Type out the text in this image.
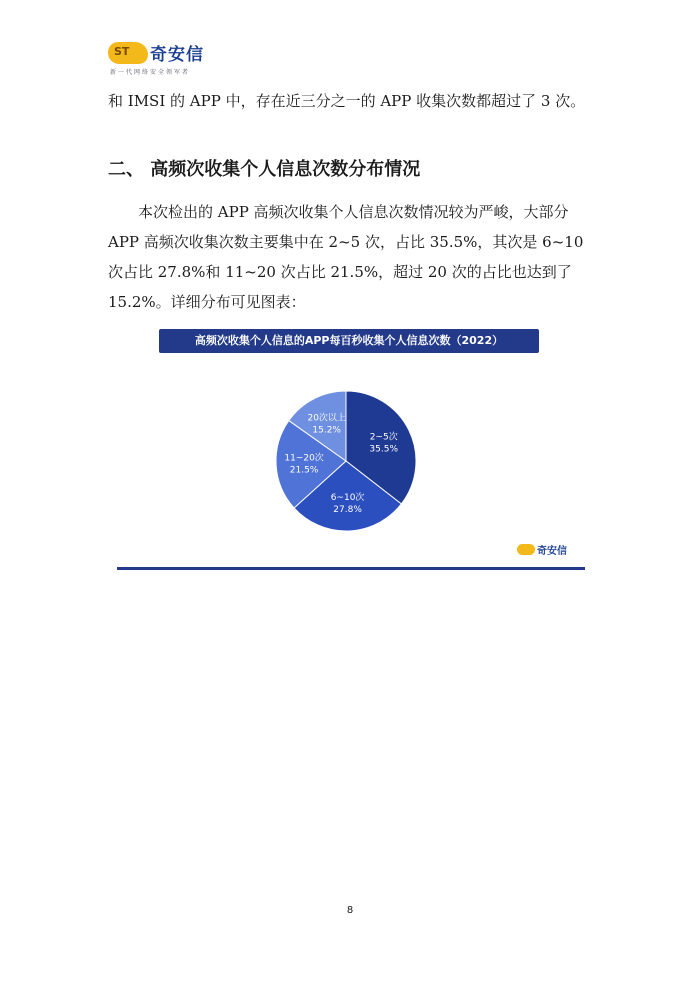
ST 奇安信
新一代网络安全领军者

和 IMSI 的 APP 中，存在近三分之一的 APP 收集次数都超过了 3 次。

二、 高频次收集个人信息次数分布情况

本次检出的 APP 高频次收集个人信息次数情况较为严峻，大部分 APP 高频次收集次数主要集中在 2~5 次，占比 35.5%，其次是 6~10 次占比 27.8%和 11~20 次占比 21.5%，超过 20 次的占比也达到了 15.2%。详细分布可见图表：

高频次收集个人信息的APP每百秒收集个人信息次数（2022）
2~5次
35.5%
6~10次
27.8%
11~20次
21.5%
20次以上
15.2%
奇安信
8
